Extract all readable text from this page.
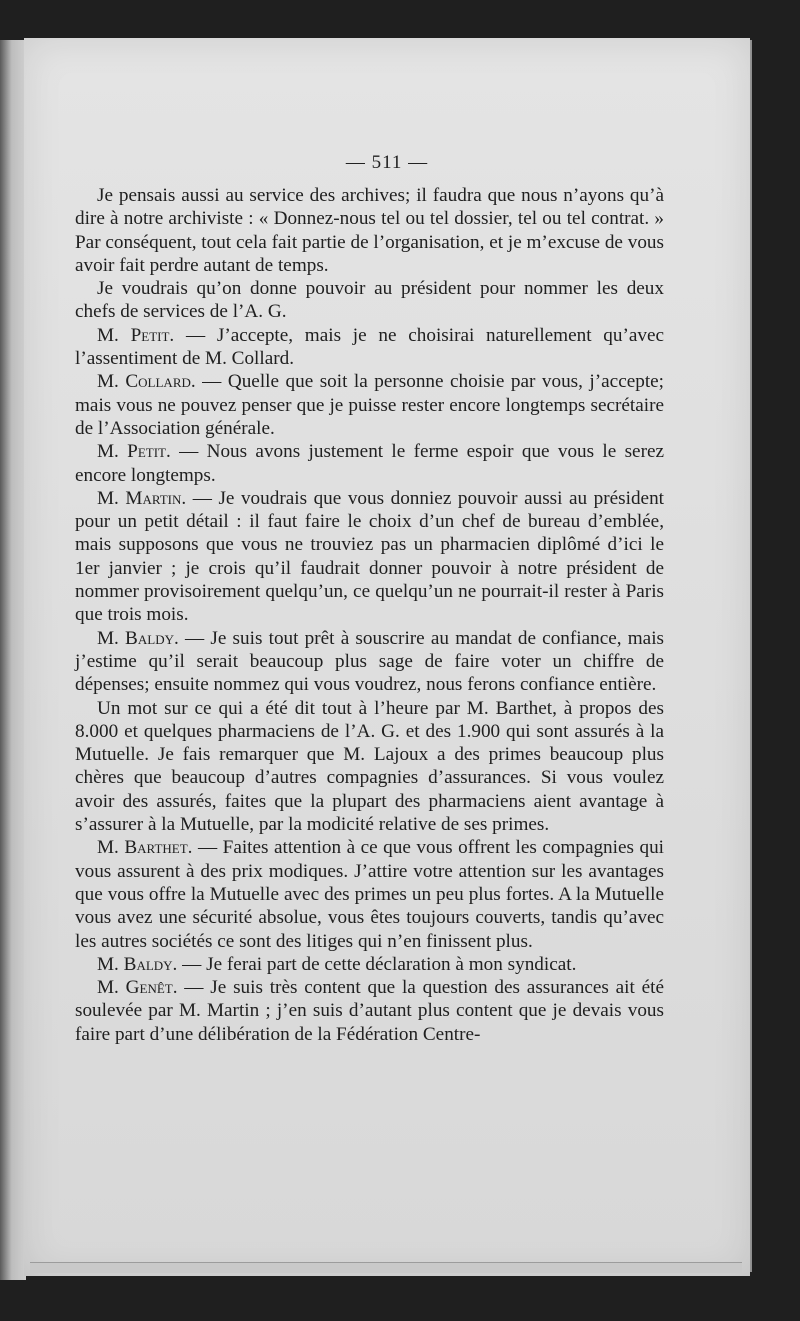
— 511 —

Je pensais aussi au service des archives; il faudra que nous n’ayons qu’à dire à notre archiviste : « Donnez-nous tel ou tel dossier, tel ou tel contrat. » Par conséquent, tout cela fait partie de l’organisation, et je m’excuse de vous avoir fait perdre autant de temps.

Je voudrais qu’on donne pouvoir au président pour nommer les deux chefs de services de l’A. G.

M. Petit. — J’accepte, mais je ne choisirai naturellement qu’avec l’assentiment de M. Collard.

M. Collard. — Quelle que soit la personne choisie par vous, j’accepte; mais vous ne pouvez penser que je puisse rester encore longtemps secrétaire de l’Association générale.

M. Petit. — Nous avons justement le ferme espoir que vous le serez encore longtemps.

M. Martin. — Je voudrais que vous donniez pouvoir aussi au président pour un petit détail : il faut faire le choix d’un chef de bureau d’emblée, mais supposons que vous ne trouviez pas un pharmacien diplômé d’ici le 1er janvier ; je crois qu’il faudrait donner pouvoir à notre président de nommer provisoirement quelqu’un, ce quelqu’un ne pourrait-il rester à Paris que trois mois.

M. Baldy. — Je suis tout prêt à souscrire au mandat de confiance, mais j’estime qu’il serait beaucoup plus sage de faire voter un chiffre de dépenses; ensuite nommez qui vous voudrez, nous ferons confiance entière.

Un mot sur ce qui a été dit tout à l’heure par M. Barthet, à propos des 8.000 et quelques pharmaciens de l’A. G. et des 1.900 qui sont assurés à la Mutuelle. Je fais remarquer que M. Lajoux a des primes beaucoup plus chères que beaucoup d’autres compagnies d’assurances. Si vous voulez avoir des assurés, faites que la plupart des pharmaciens aient avantage à s’assurer à la Mutuelle, par la modicité relative de ses primes.

M. Barthet. — Faites attention à ce que vous offrent les compagnies qui vous assurent à des prix modiques. J’attire votre attention sur les avantages que vous offre la Mutuelle avec des primes un peu plus fortes. A la Mutuelle vous avez une sécurité absolue, vous êtes toujours couverts, tandis qu’avec les autres sociétés ce sont des litiges qui n’en finissent plus.

M. Baldy. — Je ferai part de cette déclaration à mon syndicat.

M. Genêt. — Je suis très content que la question des assurances ait été soulevée par M. Martin ; j’en suis d’autant plus content que je devais vous faire part d’une délibération de la Fédération Centre-
